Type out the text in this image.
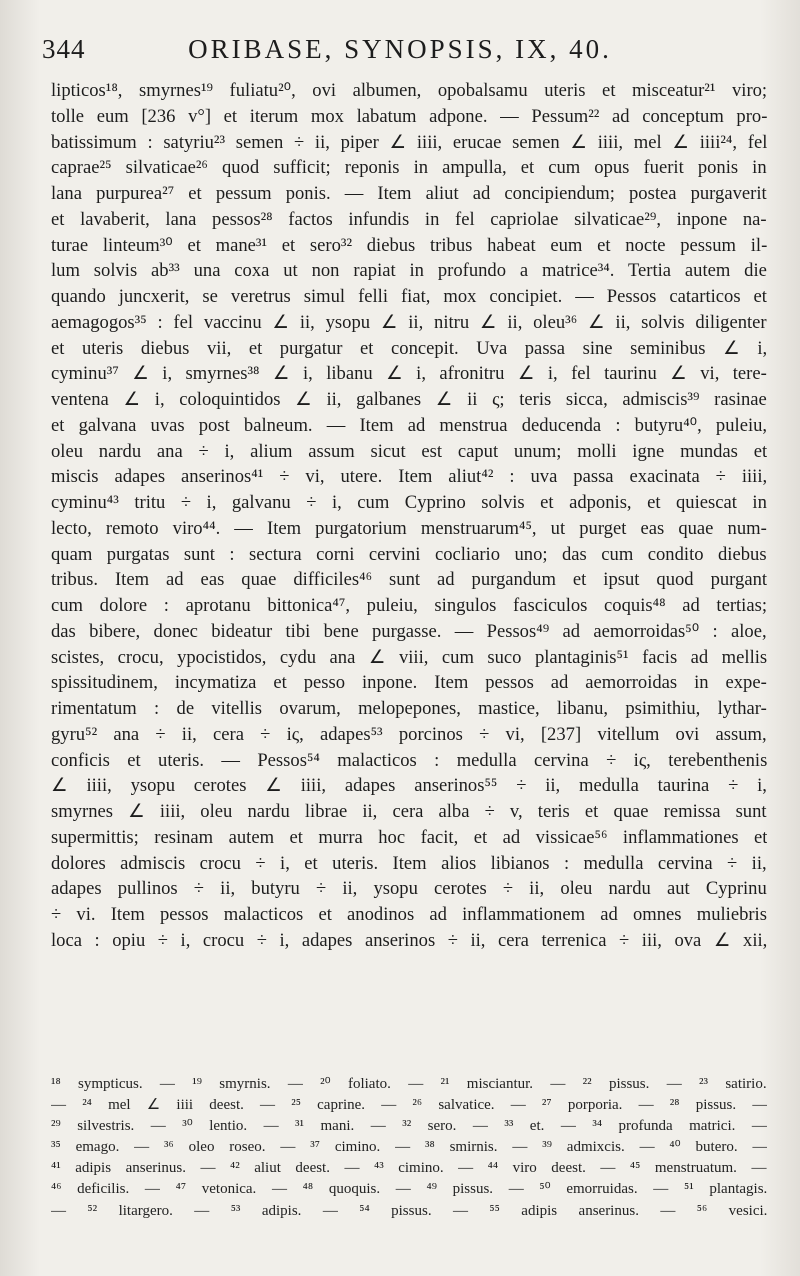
344	ORIBASE, SYNOPSIS, IX, 40.
lipticos¹⁸, smyrnes¹⁹ fuliatu²⁰, ovi albumen, opobalsamu uteris et misceatur²¹ viro;
tolle eum [236 v°] et iterum mox labatum adpone. — Pessum²² ad conceptum pro-
batissimum : satyriu²³ semen ÷ ii, piper ∠ iiii, erucae semen ∠ iiii, mel ∠ iiii²⁴, fel
caprae²⁵ silvaticae²⁶ quod sufficit; reponis in ampulla, et cum opus fuerit ponis in
lana purpurea²⁷ et pessum ponis. — Item aliut ad concipiendum; postea purgaverit
et lavaberit, lana pessos²⁸ factos infundis in fel capriolae silvaticae²⁹, inpone na-
turae linteum³⁰ et mane³¹ et sero³² diebus tribus habeat eum et nocte pessum il-
lum solvis ab³³ una coxa ut non rapiat in profundo a matrice³⁴. Tertia autem die
quando juncxerit, se veretrus simul felli fiat, mox concipiet. — Pessos catarticos et
aemagogos³⁵ : fel vaccinu ∠ ii, ysopu ∠ ii, nitru ∠ ii, oleu³⁶ ∠ ii, solvis diligenter
et uteris diebus vii, et purgatur et concepit. Uva passa sine seminibus ∠ i,
cyminu³⁷ ∠ i, smyrnes³⁸ ∠ i, libanu ∠ i, afronitru ∠ i, fel taurinu ∠ vi, tere-
ventena ∠ i, coloquintidos ∠ ii, galbanes ∠ ii ς; teris sicca, admiscis³⁹ rasinae
et galvana uvas post balneum. — Item ad menstrua deducenda : butyru⁴⁰, puleiu,
oleu nardu ana ÷ i, alium assum sicut est caput unum; molli igne mundas et
miscis adapes anserinos⁴¹ ÷ vi, utere. Item aliut⁴² : uva passa exacinata ÷ iiii,
cyminu⁴³ tritu ÷ i, galvanu ÷ i, cum Cyprino solvis et adponis, et quiescat in
lecto, remoto viro⁴⁴. — Item purgatorium menstruarum⁴⁵, ut purget eas quae num-
quam purgatas sunt : sectura corni cervini cocliario uno; das cum condito diebus
tribus. Item ad eas quae difficiles⁴⁶ sunt ad purgandum et ipsut quod purgant
cum dolore : aprotanu bittonica⁴⁷, puleiu, singulos fasciculos coquis⁴⁸ ad tertias;
das bibere, donec bideatur tibi bene purgasse. — Pessos⁴⁹ ad aemorroidas⁵⁰ : aloe,
scistes, crocu, ypocistidos, cydu ana ∠ viii, cum suco plantaginis⁵¹ facis ad mellis
spissitudinem, incymatiza et pesso inpone. Item pessos ad aemorroidas in expe-
rimentatum : de vitellis ovarum, melopepones, mastice, libanu, psimithiu, lythar-
gyru⁵² ana ÷ ii, cera ÷ iς, adapes⁵³ porcinos ÷ vi, [237] vitellum ovi assum,
conficis et uteris. — Pessos⁵⁴ malacticos : medulla cervina ÷ iς, terebenthenis
∠ iiii, ysopu cerotes ∠ iiii, adapes anserinos⁵⁵ ÷ ii, medulla taurina ÷ i,
smyrnes ∠ iiii, oleu nardu librae ii, cera alba ÷ v, teris et quae remissa sunt
supermittis; resinam autem et murra hoc facit, et ad vissicae⁵⁶ inflammationes et
dolores admiscis crocu ÷ i, et uteris. Item alios libianos : medulla cervina ÷ ii,
adapes pullinos ÷ ii, butyru ÷ ii, ysopu cerotes ÷ ii, oleu nardu aut Cyprinu
÷ vi. Item pessos malacticos et anodinos ad inflammationem ad omnes muliebris
loca : opiu ÷ i, crocu ÷ i, adapes anserinos ÷ ii, cera terrenica ÷ iii, ova ∠ xii,
¹⁸ sympticus. — ¹⁹ smyrnis. — ²⁰ foliato. — ²¹ misciantur. — ²² pissus. — ²³ satirio.
— ²⁴ mel ∠ iiii deest. — ²⁵ caprine. — ²⁶ salvatice. — ²⁷ porporia. — ²⁸ pissus. —
²⁹ silvestris. — ³⁰ lentio. — ³¹ mani. — ³² sero. — ³³ et. — ³⁴ profunda matrici. —
³⁵ emago. — ³⁶ oleo roseo. — ³⁷ cimino. — ³⁸ smirnis. — ³⁹ admixcis. — ⁴⁰ butero. —
⁴¹ adipis anserinus. — ⁴² aliut deest. — ⁴³ cimino. — ⁴⁴ viro deest. — ⁴⁵ menstruatum. —
⁴⁶ deficilis. — ⁴⁷ vetonica. — ⁴⁸ quoquis. — ⁴⁹ pissus. — ⁵⁰ emorruidas. — ⁵¹ plantagis.
— ⁵² litargero. — ⁵³ adipis. — ⁵⁴ pissus. — ⁵⁵ adipis anserinus. — ⁵⁶ vesici.
